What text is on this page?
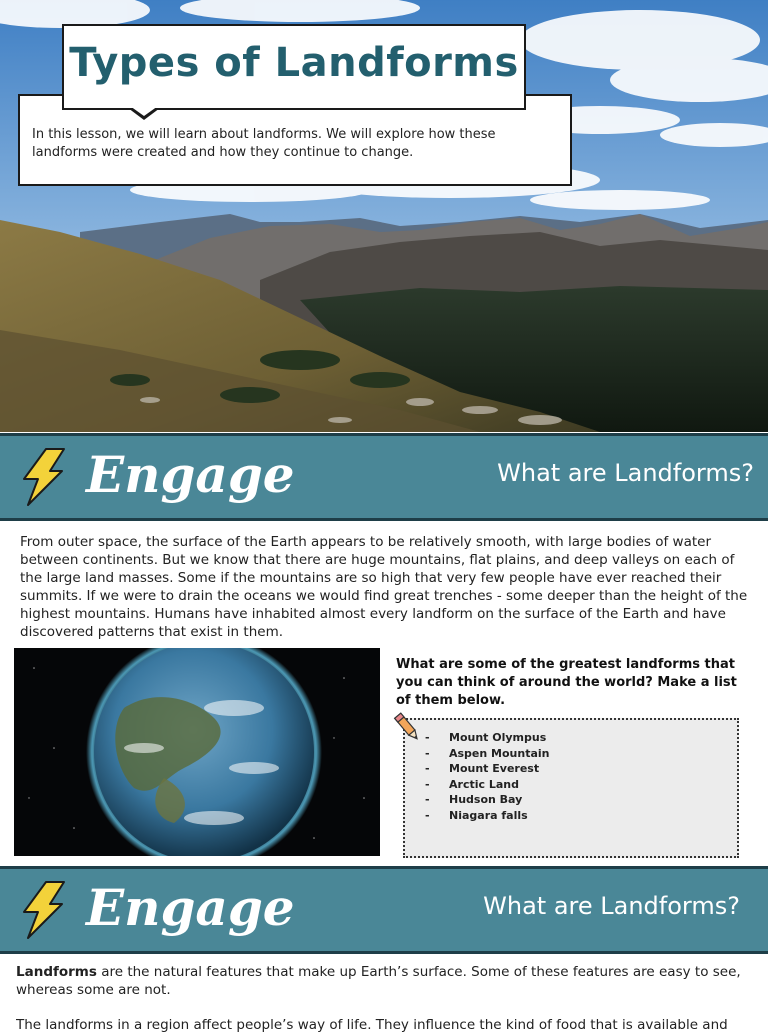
In this lesson, we will learn about landforms. We will explore how these landforms were created and how they continue to change.
Types of Landforms
Engage	What are Landforms?
From outer space, the surface of the Earth appears to be relatively smooth, with large bodies of water between continents. But we know that there are huge mountains, flat plains, and deep valleys on each of the large land masses. Some if the mountains are so high that very few people have ever reached their summits. If we were to drain the oceans we would find great trenches - some deeper than the height of the highest mountains. Humans have inhabited almost every landform on the surface of the Earth and have discovered patterns that exist in them.
What are some of the greatest landforms that you can think of around the world? Make a list of them below.
- Mount Olympus
- Aspen Mountain
- Mount Everest
- Arctic Land
- Hudson Bay
- Niagara falls
Engage	What are Landforms?
Landforms are the natural features that make up Earth’s surface. Some of these features are easy to see, whereas some are not.
The landforms in a region affect people’s way of life. They influence the kind of food that is available and
